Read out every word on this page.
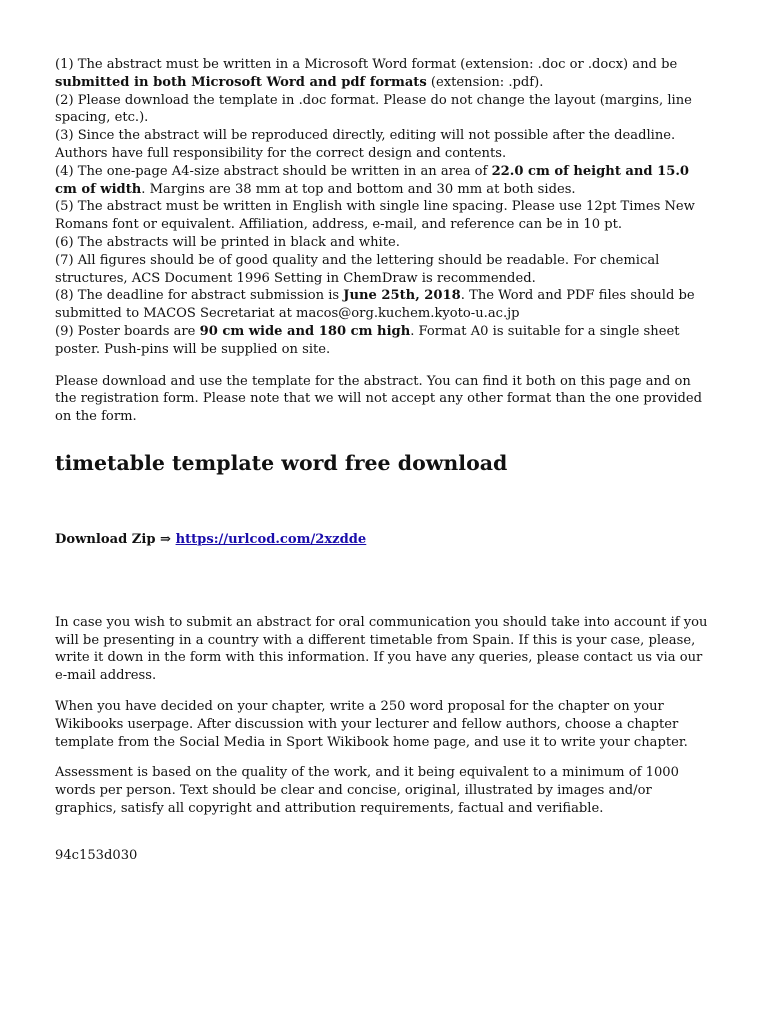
(1) The abstract must be written in a Microsoft Word format (extension: .doc or .docx) and be submitted in both Microsoft Word and pdf formats (extension: .pdf).

(2) Please download the template in .doc format. Please do not change the layout (margins, line spacing, etc.).

(3) Since the abstract will be reproduced directly, editing will not possible after the deadline. Authors have full responsibility for the correct design and contents.

(4) The one-page A4-size abstract should be written in an area of 22.0 cm of height and 15.0 cm of width. Margins are 38 mm at top and bottom and 30 mm at both sides.

(5) The abstract must be written in English with single line spacing. Please use 12pt Times New Romans font or equivalent. Affiliation, address, e-mail, and reference can be in 10 pt.

(6) The abstracts will be printed in black and white.

(7) All figures should be of good quality and the lettering should be readable. For chemical structures, ACS Document 1996 Setting in ChemDraw is recommended.

(8) The deadline for abstract submission is June 25th, 2018. The Word and PDF files should be submitted to MACOS Secretariat at macos@org.kuchem.kyoto-u.ac.jp

(9) Poster boards are 90 cm wide and 180 cm high. Format A0 is suitable for a single sheet poster. Push-pins will be supplied on site.

Please download and use the template for the abstract. You can find it both on this page and on the registration form. Please note that we will not accept any other format than the one provided on the form.

timetable template word free download

Download Zip ⇒ https://urlcod.com/2xzdde

In case you wish to submit an abstract for oral communication you should take into account if you will be presenting in a country with a different timetable from Spain. If this is your case, please, write it down in the form with this information. If you have any queries, please contact us via our e-mail address.

When you have decided on your chapter, write a 250 word proposal for the chapter on your Wikibooks userpage. After discussion with your lecturer and fellow authors, choose a chapter template from the Social Media in Sport Wikibook home page, and use it to write your chapter.

Assessment is based on the quality of the work, and it being equivalent to a minimum of 1000 words per person. Text should be clear and concise, original, illustrated by images and/or graphics, satisfy all copyright and attribution requirements, factual and verifiable.

94c153d030
